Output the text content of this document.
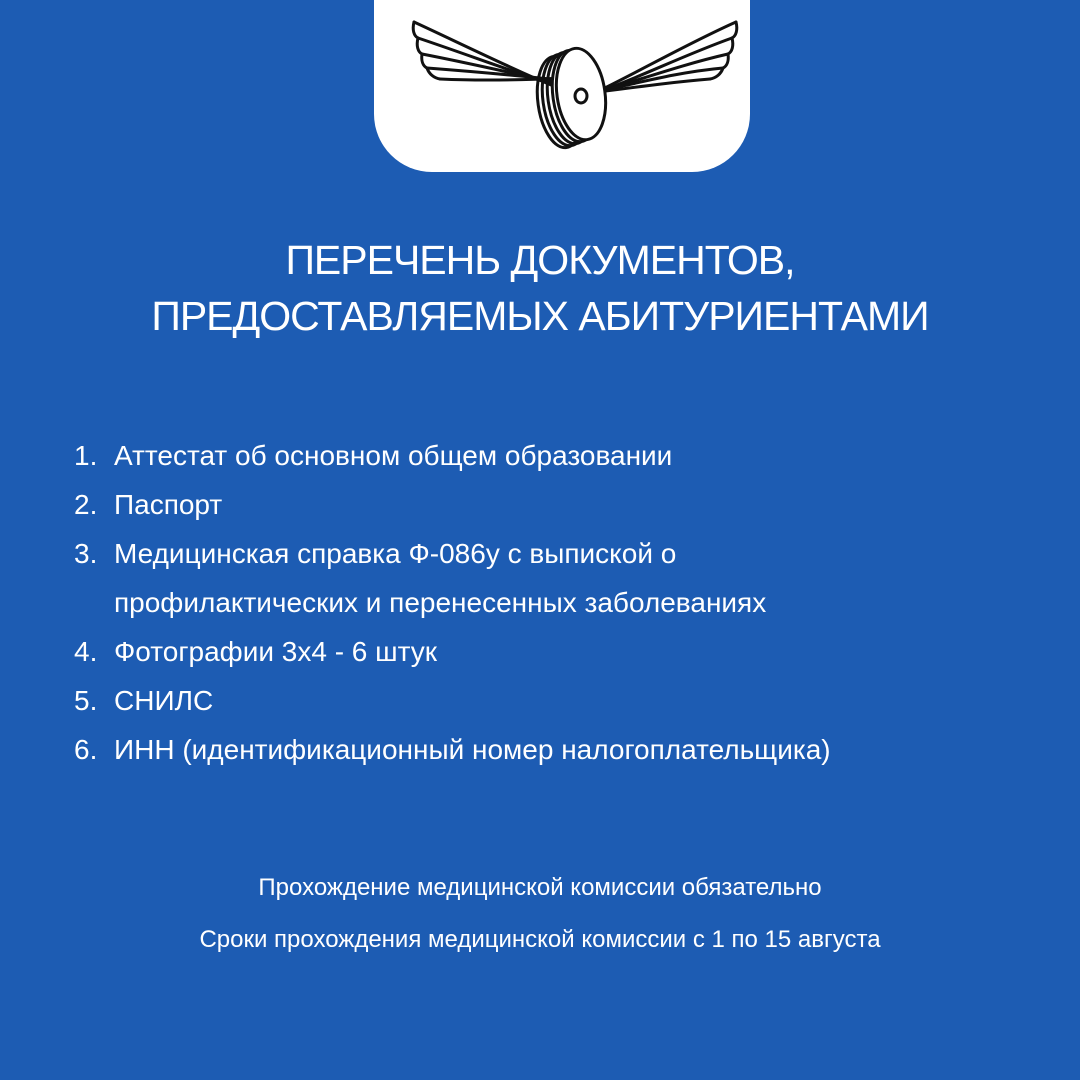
ПЕРЕЧЕНЬ ДОКУМЕНТОВ,
ПРЕДОСТАВЛЯЕМЫХ АБИТУРИЕНТАМИ
1. Аттестат об основном общем образовании
2. Паспорт
3. Медицинская справка Ф-086у с выпиской о
профилактических и перенесенных заболеваниях
4. Фотографии 3х4 - 6 штук
5. СНИЛС
6. ИНН (идентификационный номер налогоплательщика)

Прохождение медицинской комиссии обязательно

Сроки прохождения медицинской комиссии с 1 по 15 августа
